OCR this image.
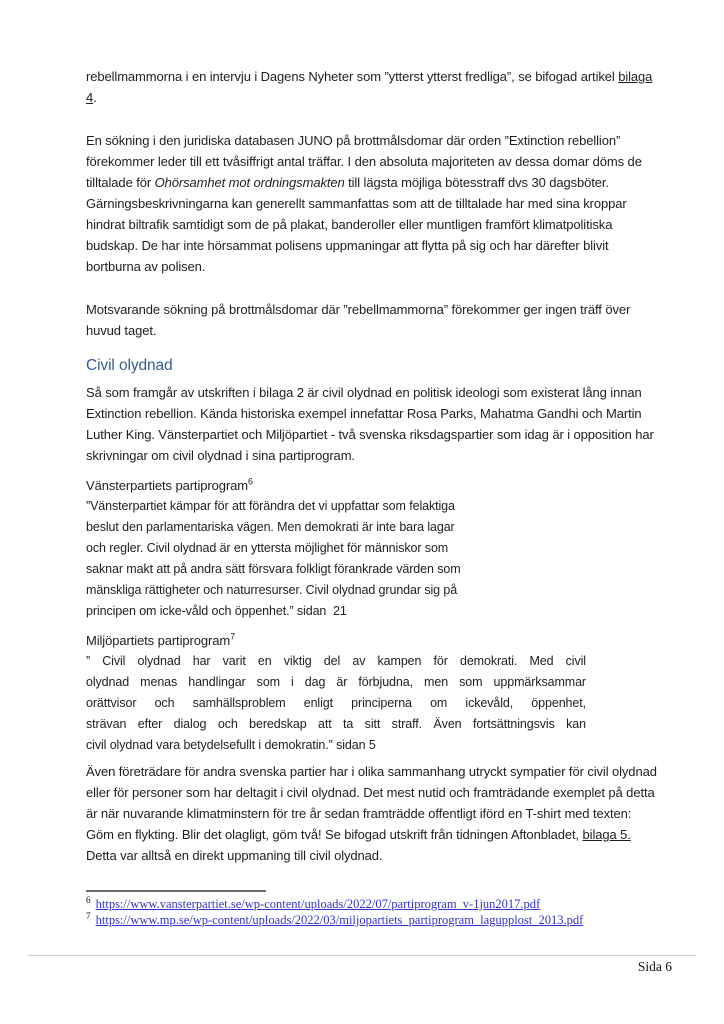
rebellmammorna i en intervju i Dagens Nyheter som ”ytterst ytterst fredliga”, se bifogad artikel bilaga 4.
En sökning i den juridiska databasen JUNO på brottmålsdomar där orden ”Extinction rebellion” förekommer leder till ett tvåsiffrigt antal träffar. I den absoluta majoriteten av dessa domar döms de tilltalade för Ohörsamhet mot ordningsmakten till lägsta möjliga bötesstraff dvs 30 dagsböter. Gärningsbeskrivningarna kan generellt sammanfattas som att de tilltalade har med sina kroppar hindrat biltrafik samtidigt som de på plakat, banderoller eller muntligen framfört klimatpolitiska budskap. De har inte hörsammat polisens uppmaningar att flytta på sig och har därefter blivit bortburna av polisen.
Motsvarande sökning på brottmålsdomar där ”rebellmammorna” förekommer ger ingen träff över huvud taget.
Civil olydnad
Så som framgår av utskriften i bilaga 2 är civil olydnad en politisk ideologi som existerat lång innan Extinction rebellion. Kända historiska exempel innefattar Rosa Parks, Mahatma Gandhi och Martin Luther King. Vänsterpartiet och Miljöpartiet - två svenska riksdagspartier som idag är i opposition har skrivningar om civil olydnad i sina partiprogram.
Vänsterpartiets partiprogram$^6$
”Vänsterpartiet kämpar för att förändra det vi uppfattar som felaktiga
beslut den parlamentariska vägen. Men demokrati är inte bara lagar
och regler. Civil olydnad är en yttersta möjlighet för människor som
saknar makt att på andra sätt försvara folkligt förankrade värden som
mänskliga rättigheter och naturresurser. Civil olydnad grundar sig på
principen om icke-våld och öppenhet.” sidan  21
Miljöpartiets partiprogram$^7$
” Civil olydnad har varit en viktig del av kampen för demokrati. Med civil
olydnad menas handlingar som i dag är förbjudna, men som uppmärksammar
orättvisor och samhällsproblem enligt principerna om ickevåld, öppenhet,
strävan efter dialog och beredskap att ta sitt straff. Även fortsättningsvis kan
civil olydnad vara betydelsefullt i demokratin.” sidan 5
Även företrädare för andra svenska partier har i olika sammanhang utryckt sympatier för civil olydnad eller för personer som har deltagit i civil olydnad. Det mest nutid och framträdande exemplet på detta är när nuvarande klimatminstern för tre år sedan framträdde offentligt iförd en T-shirt med texten: Göm en flykting. Blir det olagligt, göm två! Se bifogad utskrift från tidningen Aftonbladet, bilaga 5. Detta var alltså en direkt uppmaning till civil olydnad.
$^6$ https://www.vansterpartiet.se/wp-content/uploads/2022/07/partiprogram_v-1jun2017.pdf
$^7$ https://www.mp.se/wp-content/uploads/2022/03/miljopartiets_partiprogram_lagupplost_2013.pdf
Sida 6
